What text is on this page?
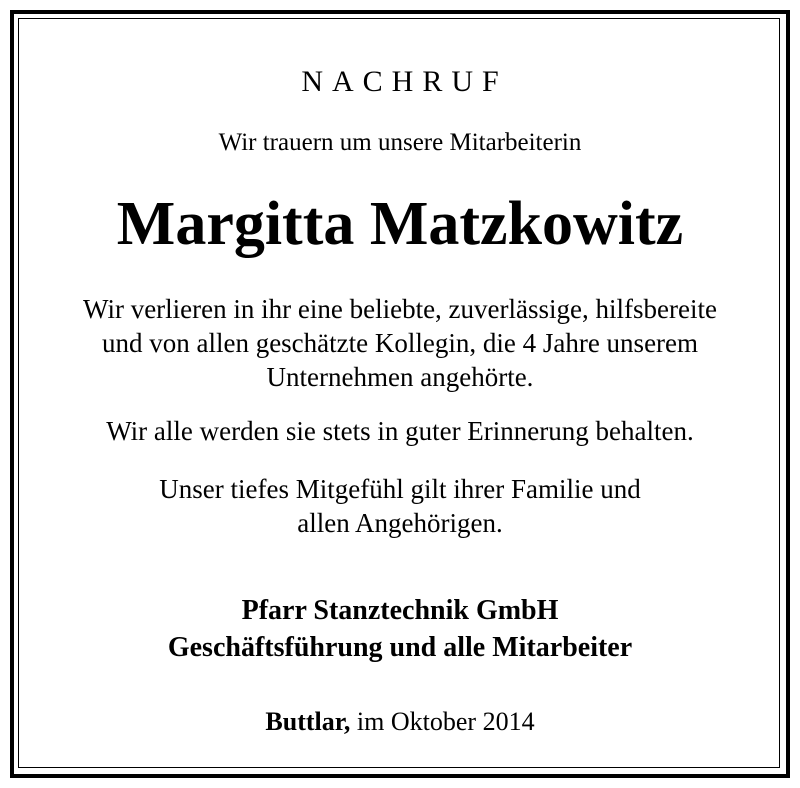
NACHRUF
Wir trauern um unsere Mitarbeiterin
Margitta Matzkowitz
Wir verlieren in ihr eine beliebte, zuverlässige, hilfsbereite
und von allen geschätzte Kollegin, die 4 Jahre unserem
Unternehmen angehörte.
Wir alle werden sie stets in guter Erinnerung behalten.
Unser tiefes Mitgefühl gilt ihrer Familie und
allen Angehörigen.
Pfarr Stanztechnik GmbH
Geschäftsführung und alle Mitarbeiter
Buttlar, im Oktober 2014
